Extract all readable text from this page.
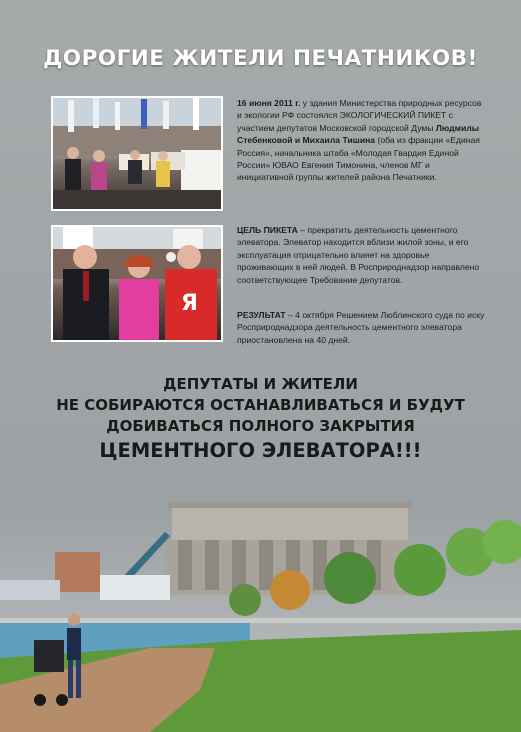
ДОРОГИЕ ЖИТЕЛИ ПЕЧАТНИКОВ!
Я
16 июня 2011 г. у здания Министерства природных ресурсов и экологии РФ состоялся ЭКОЛОГИЧЕСКИЙ ПИКЕТ с участием депутатов Московской городской Думы Людмилы Стебенковой и Михаила Тишина (оба из фракции «Единая Россия», начальника штаба «Молодая Гвардия Единой России» ЮВАО Евгения Тимонина, членов МГ и инициативной группы жителей района Печатники.
ЦЕЛЬ ПИКЕТА – прекратить деятельность цементного элеватора. Элеватор находится вблизи жилой зоны, и его эксплуатация отрицательно влияет на здоровье проживающих в ней людей. В Росприроднадзор направлено соответствующее Требование депутатов.
РЕЗУЛЬТАТ – 4 октября Решением Люблинского суда по иску Росприроднадзора деятельность цементного элеватора приостановлена на 40 дней.
ДЕПУТАТЫ И ЖИТЕЛИ
НЕ СОБИРАЮТСЯ ОСТАНАВЛИВАТЬСЯ И БУДУТ
ДОБИВАТЬСЯ ПОЛНОГО ЗАКРЫТИЯ
ЦЕМЕНТНОГО ЭЛЕВАТОРА!!!
